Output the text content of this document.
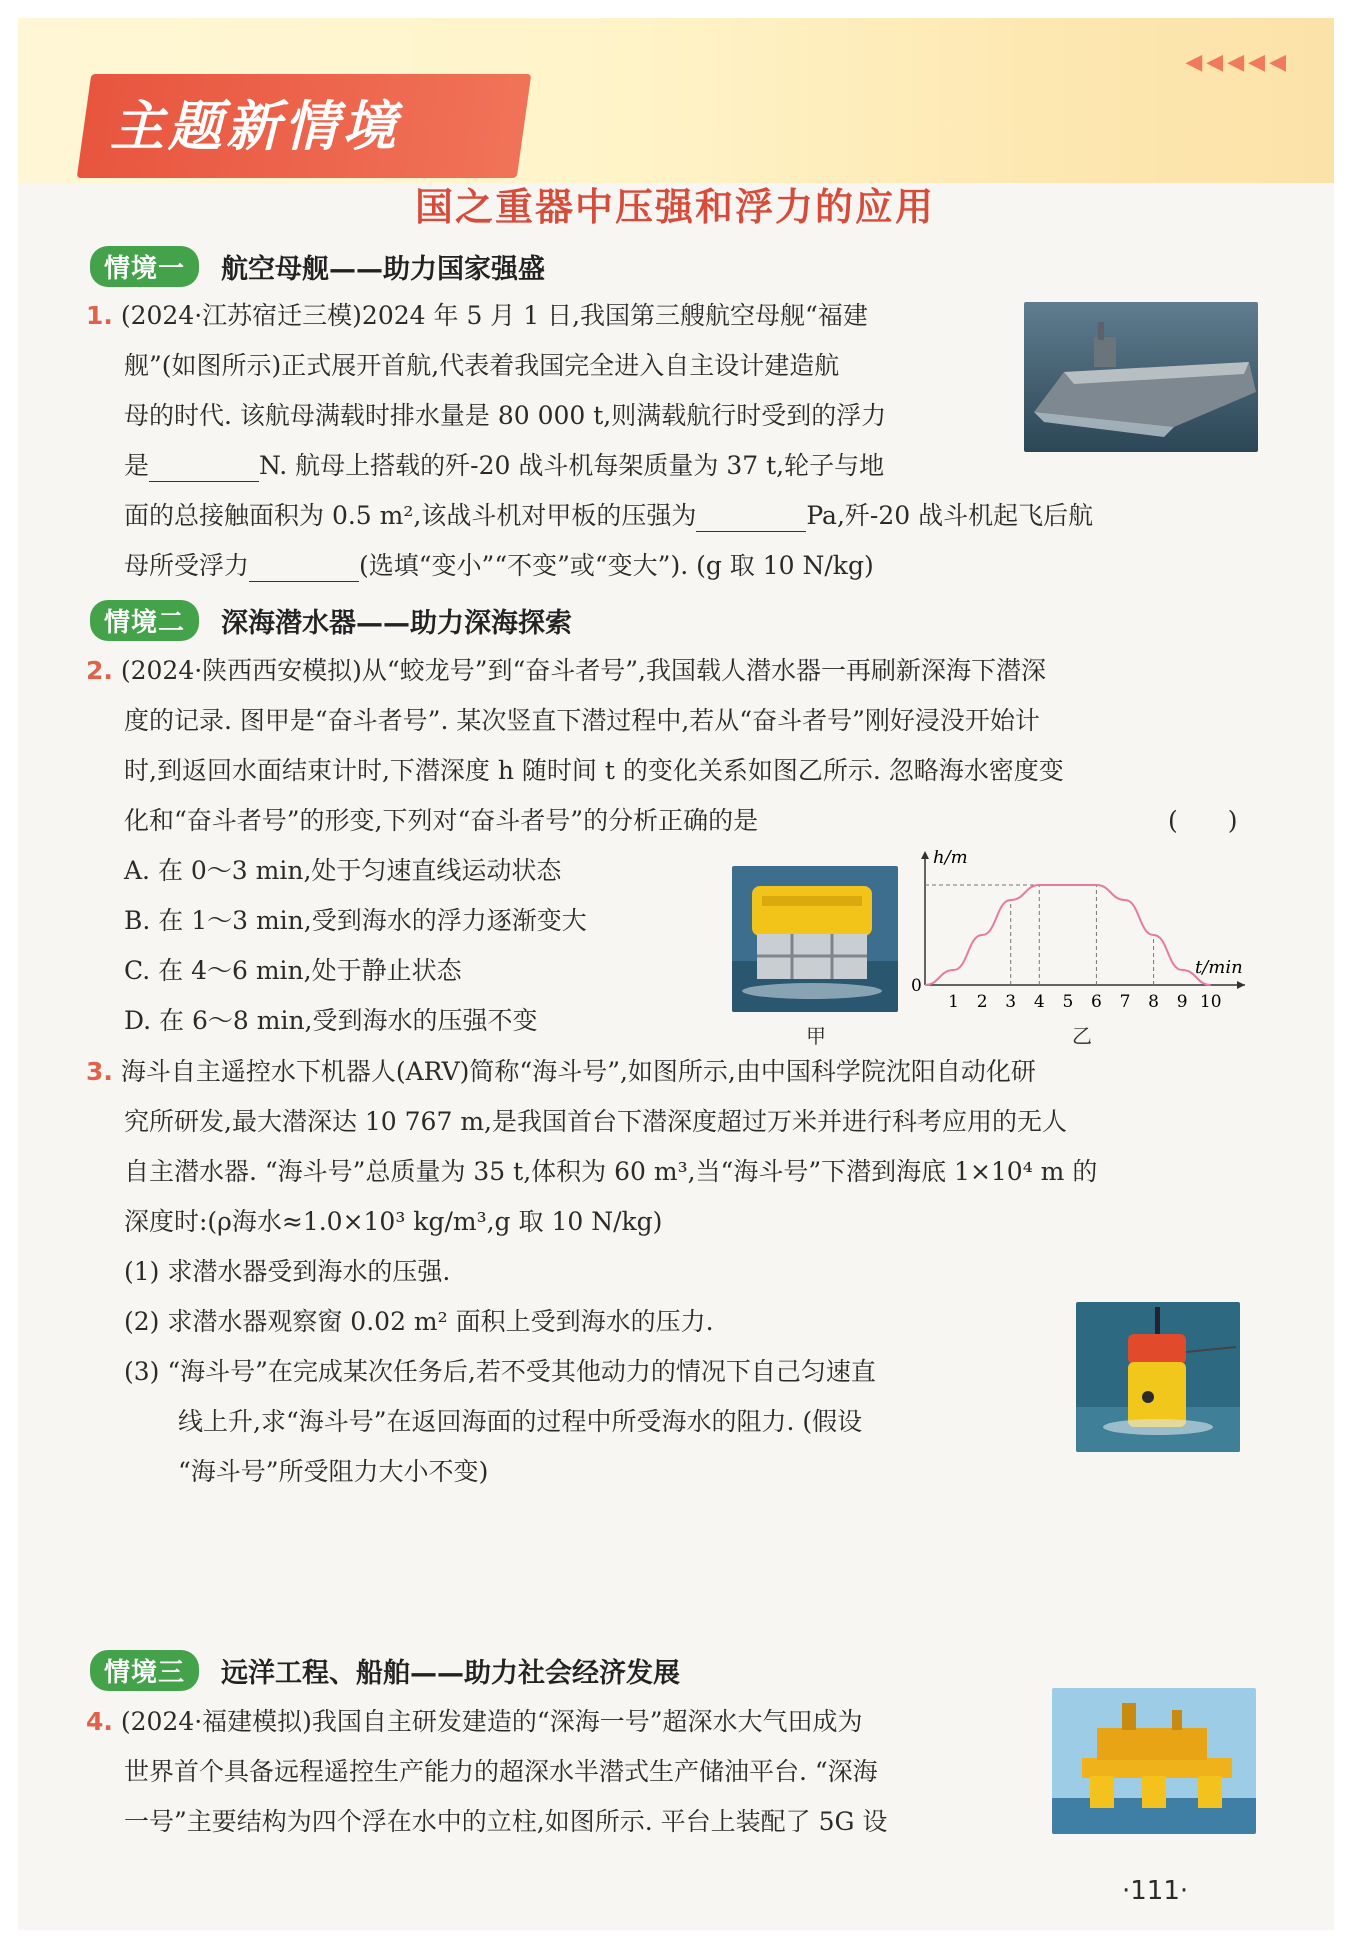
◀◀◀◀◀
主题新情境
国之重器中压强和浮力的应用
情境一	航空母舰——助力国家强盛
1. (2024·江苏宿迁三模)2024 年 5 月 1 日,我国第三艘航空母舰“福建
舰”(如图所示)正式展开首航,代表着我国完全进入自主设计建造航
母的时代. 该航母满载时排水量是 80 000 t,则满载航行时受到的浮力
是	N. 航母上搭载的歼-20 战斗机每架质量为 37 t,轮子与地
面的总接触面积为 0.5 m²,该战斗机对甲板的压强为	Pa,歼-20 战斗机起飞后航
母所受浮力	(选填“变小”“不变”或“变大”). (g 取 10 N/kg)
情境二	深海潜水器——助力深海探索
2. (2024·陕西西安模拟)从“蛟龙号”到“奋斗者号”,我国载人潜水器一再刷新深海下潜深
度的记录. 图甲是“奋斗者号”. 某次竖直下潜过程中,若从“奋斗者号”刚好浸没开始计
时,到返回水面结束计时,下潜深度 h 随时间 t 的变化关系如图乙所示. 忽略海水密度变
化和“奋斗者号”的形变,下列对“奋斗者号”的分析正确的是	(　　)
A. 在 0～3 min,处于匀速直线运动状态
B. 在 1～3 min,受到海水的浮力逐渐变大
C. 在 4～6 min,处于静止状态
D. 在 6～8 min,受到海水的压强不变
甲
1 2 3 4 5 6 7 8 9 10
0
h/m
t/min
乙
3. 海斗自主遥控水下机器人(ARV)简称“海斗号”,如图所示,由中国科学院沈阳自动化研
究所研发,最大潜深达 10 767 m,是我国首台下潜深度超过万米并进行科考应用的无人
自主潜水器. “海斗号”总质量为 35 t,体积为 60 m³,当“海斗号”下潜到海底 1×10⁴ m 的
深度时:(ρ海水≈1.0×10³ kg/m³,g 取 10 N/kg)
(1) 求潜水器受到海水的压强.
(2) 求潜水器观察窗 0.02 m² 面积上受到海水的压力.
(3) “海斗号”在完成某次任务后,若不受其他动力的情况下自己匀速直
线上升,求“海斗号”在返回海面的过程中所受海水的阻力. (假设
“海斗号”所受阻力大小不变)
情境三	远洋工程、船舶——助力社会经济发展
4. (2024·福建模拟)我国自主研发建造的“深海一号”超深水大气田成为
世界首个具备远程遥控生产能力的超深水半潜式生产储油平台. “深海
一号”主要结构为四个浮在水中的立柱,如图所示. 平台上装配了 5G 设
·111·
